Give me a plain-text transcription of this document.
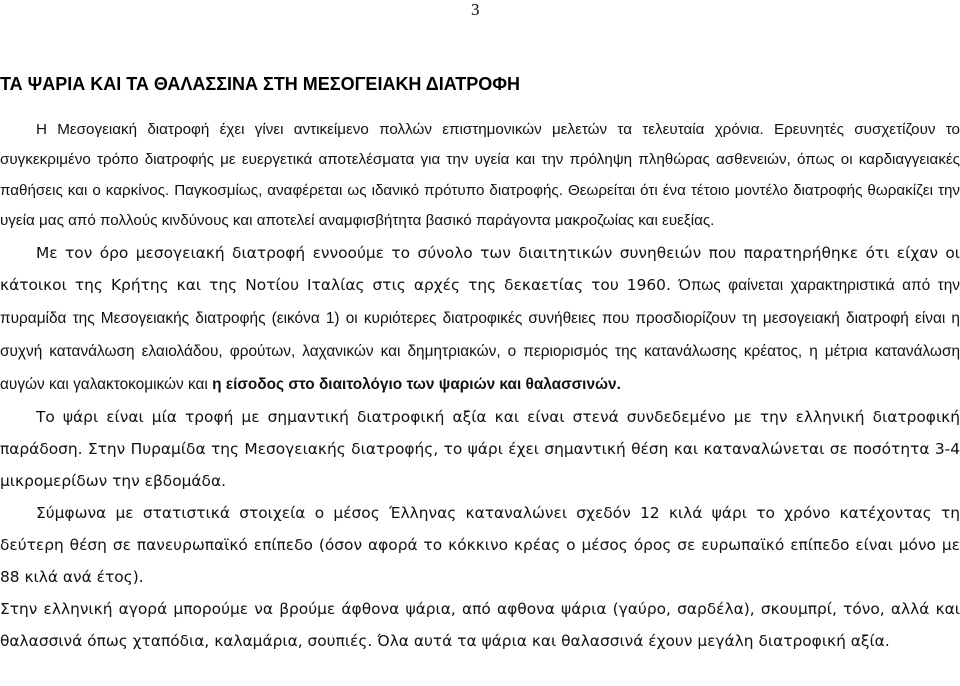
3
ΤΑ ΨΑΡΙΑ ΚΑΙ ΤΑ ΘΑΛΑΣΣΙΝΑ ΣΤΗ ΜΕΣΟΓΕΙΑΚΗ ΔΙΑΤΡΟΦΗ

Η Μεσογειακή διατροφή έχει γίνει αντικείμενο πολλών επιστημονικών μελετών τα τελευταία χρόνια. Ερευνητές συσχετίζουν το συγκεκριμένο τρόπο διατροφής με ευεργετικά αποτελέσματα για την υγεία και την πρόληψη πληθώρας ασθενειών, όπως οι καρδιαγγειακές παθήσεις και ο καρκίνος. Παγκοσμίως, αναφέρεται ως ιδανικό πρότυπο διατροφής. Θεωρείται ότι ένα τέτοιο μοντέλο διατροφής θωρακίζει την υγεία μας από πολλούς κινδύνους και αποτελεί αναμφισβήτητα βασικό παράγοντα μακροζωίας και ευεξίας.

Με τον όρο μεσογειακή διατροφή εννοούμε το σύνολο των διαιτητικών συνηθειών που παρατηρήθηκε ότι είχαν οι κάτοικοι της Κρήτης και της Νοτίου Ιταλίας στις αρχές της δεκαετίας του 1960. Όπως φαίνεται χαρακτηριστικά από την πυραμίδα της Μεσογειακής διατροφής (εικόνα 1) οι κυριότερες διατροφικές συνήθειες που προσδιορίζουν τη μεσογειακή διατροφή είναι η συχνή κατανάλωση ελαιολάδου, φρούτων, λαχανικών και δημητριακών, ο περιορισμός της κατανάλωσης κρέατος, η μέτρια κατανάλωση αυγών και γαλακτοκομικών και η είσοδος στο διαιτολόγιο των ψαριών και θαλασσινών.

Το ψάρι είναι μία τροφή με σημαντική διατροφική αξία και είναι στενά συνδεδεμένο με την ελληνική διατροφική παράδοση. Στην Πυραμίδα της Μεσογειακής διατροφής, το ψάρι έχει σημαντική θέση και καταναλώνεται σε ποσότητα 3-4 μικρομερίδων την εβδομάδα.

Σύμφωνα με στατιστικά στοιχεία ο μέσος Έλληνας καταναλώνει σχεδόν 12 κιλά ψάρι το χρόνο κατέχοντας τη δεύτερη θέση σε πανευρωπαϊκό επίπεδο (όσον αφορά το κόκκινο κρέας ο μέσος όρος σε ευρωπαϊκό επίπεδο είναι μόνο με 88 κιλά ανά έτος).

Στην ελληνική αγορά μπορούμε να βρούμε άφθονα ψάρια, από αφθονα ψάρια (γαύρο, σαρδέλα), σκουμπρί, τόνο, αλλά και θαλασσινά όπως χταπόδια, καλαμάρια, σουπιές. Όλα αυτά τα ψάρια και θαλασσινά έχουν μεγάλη διατροφική αξία.
